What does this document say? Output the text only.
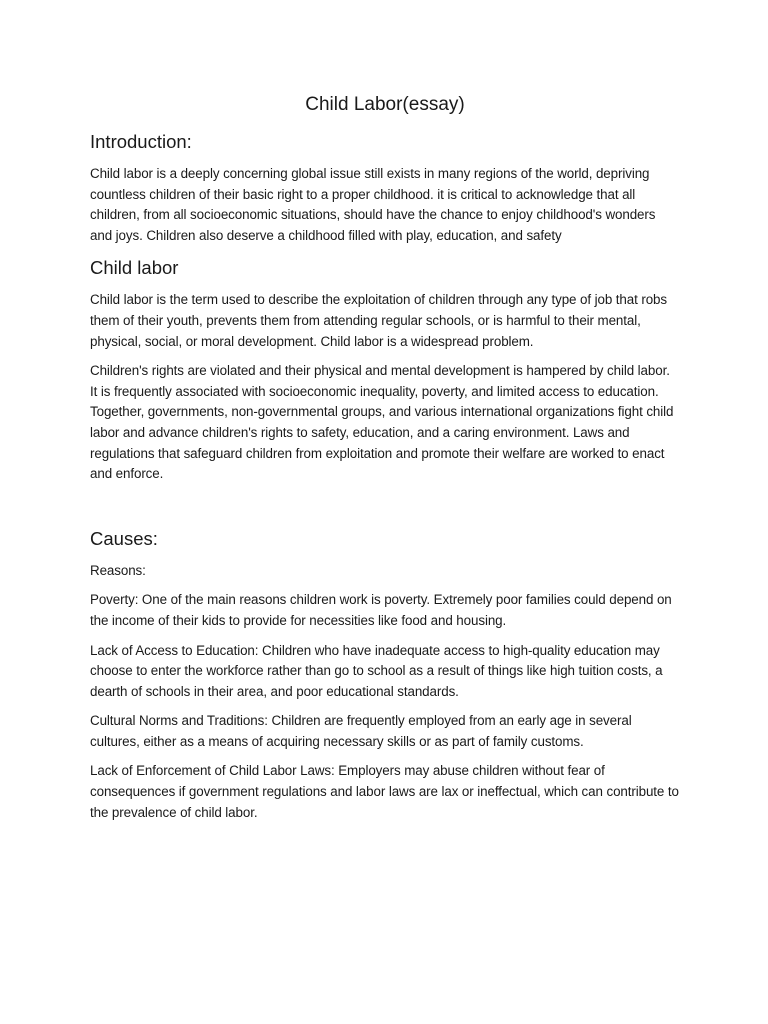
Child Labor(essay)
Introduction:

Child labor is a deeply concerning global issue still exists in many regions of the world, depriving countless children of their basic right to a proper childhood. it is critical to acknowledge that all children, from all socioeconomic situations, should have the chance to enjoy childhood's wonders and joys. Children also deserve a childhood filled with play, education, and safety

Child labor

Child labor is the term used to describe the exploitation of children through any type of job that robs them of their youth, prevents them from attending regular schools, or is harmful to their mental, physical, social, or moral development. Child labor is a widespread problem.

Children's rights are violated and their physical and mental development is hampered by child labor. It is frequently associated with socioeconomic inequality, poverty, and limited access to education. Together, governments, non-governmental groups, and various international organizations fight child labor and advance children's rights to safety, education, and a caring environment. Laws and regulations that safeguard children from exploitation and promote their welfare are worked to enact and enforce.

Causes:

Reasons:

Poverty: One of the main reasons children work is poverty. Extremely poor families could depend on the income of their kids to provide for necessities like food and housing.

Lack of Access to Education: Children who have inadequate access to high-quality education may choose to enter the workforce rather than go to school as a result of things like high tuition costs, a dearth of schools in their area, and poor educational standards.

Cultural Norms and Traditions: Children are frequently employed from an early age in several cultures, either as a means of acquiring necessary skills or as part of family customs.

Lack of Enforcement of Child Labor Laws: Employers may abuse children without fear of consequences if government regulations and labor laws are lax or ineffectual, which can contribute to the prevalence of child labor.
